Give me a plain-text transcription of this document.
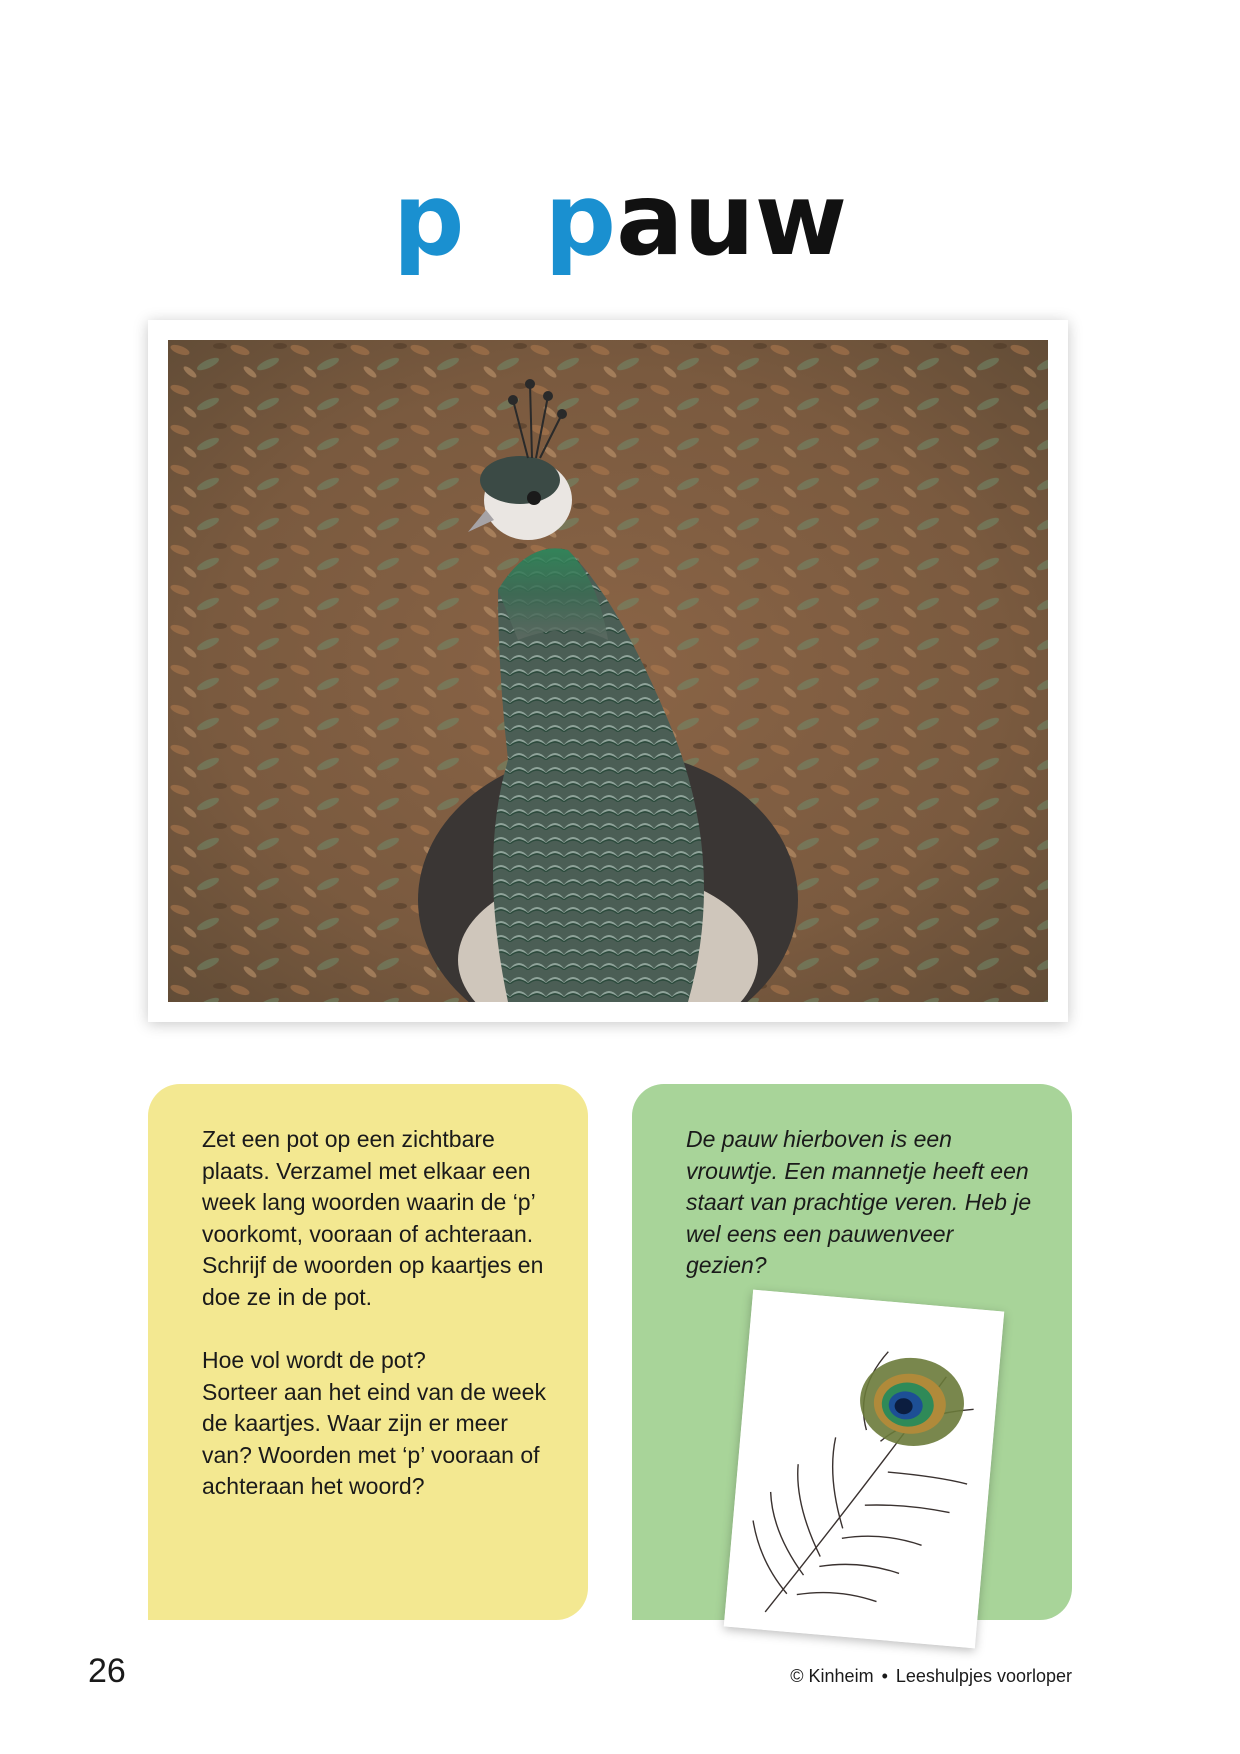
p pauw

Zet een pot op een zichtbare plaats. Verzamel met elkaar een week lang woorden waarin de ‘p’ voorkomt, vooraan of achteraan. Schrijf de woorden op kaartjes en doe ze in de pot.

Hoe vol wordt de pot?
Sorteer aan het eind van de week de kaartjes. Waar zijn er meer van? Woorden met ‘p’ vooraan of achteraan het woord?

De pauw hierboven is een vrouwtje. Een mannetje heeft een staart van prachtige veren. Heb je wel eens een pauwenveer gezien?
26	© Kinheim • Leeshulpjes voorloper
